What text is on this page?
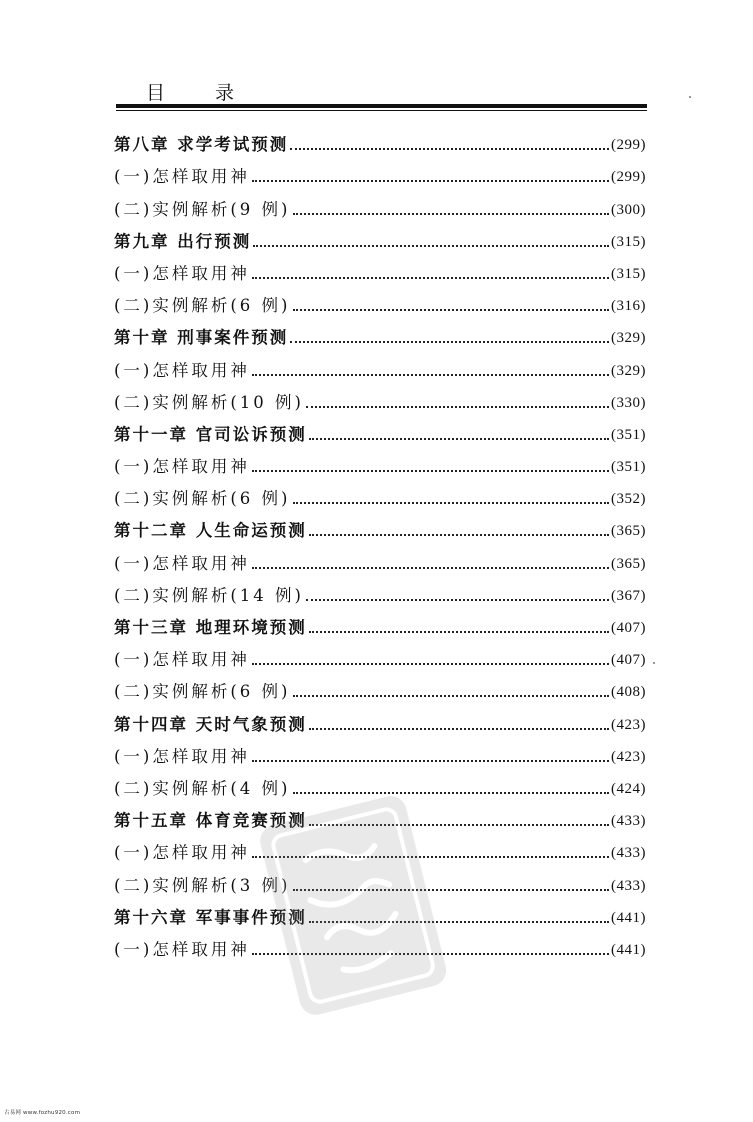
目 录
第八章 求学考试预测	(299)
(一)怎样取用神	(299)
(二)实例解析(9 例)	(300)
第九章 出行预测	(315)
(一)怎样取用神	(315)
(二)实例解析(6 例)	(316)
第十章 刑事案件预测	(329)
(一)怎样取用神	(329)
(二)实例解析(10 例)	(330)
第十一章 官司讼诉预测	(351)
(一)怎样取用神	(351)
(二)实例解析(6 例)	(352)
第十二章 人生命运预测	(365)
(一)怎样取用神	(365)
(二)实例解析(14 例)	(367)
第十三章 地理环境预测	(407)
(一)怎样取用神	(407)
(二)实例解析(6 例)	(408)
第十四章 天时气象预测	(423)
(一)怎样取用神	(423)
(二)实例解析(4 例)	(424)
第十五章 体育竞赛预测	(433)
(一)怎样取用神	(433)
(二)实例解析(3 例)	(433)
第十六章 军事事件预测	(441)
(一)怎样取用神	(441)
古易网 www.fozhu920.com
